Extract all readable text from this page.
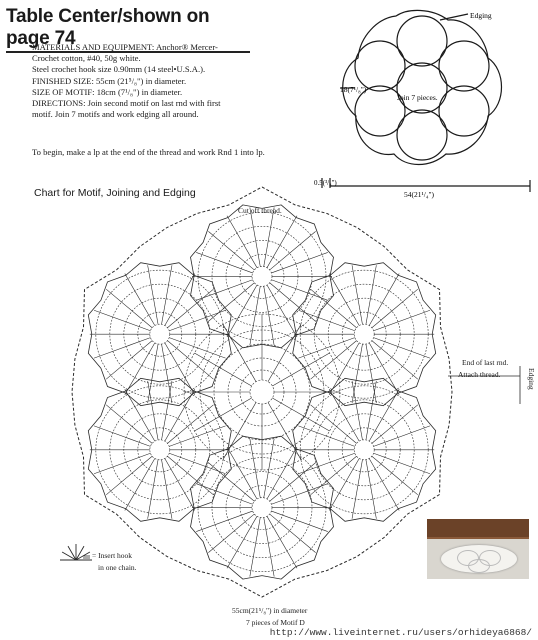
Table Center/shown on page 74
MATERIALS AND EQUIPMENT: Anchor® Mercer-
Crochet cotton, #40, 50g white.
Steel crochet hook size 0.90mm (14 steel•U.S.A.).
FINISHED SIZE: 55cm (21⁵/₈") in diameter.
SIZE OF MOTIF: 18cm (7¹/₈") in diameter.
DIRECTIONS: Join second motif on last rnd with first
motif. Join 7 motifs and work edging all around.
To begin, make a lp at the end of the thread and work Rnd 1 into lp.
Edging
18(7¹/₈")
Join 7 pieces.
0.5(³/₈")
54(21¹/₄")
Chart for Motif, Joining and Edging
Cut off thread.
End of last rnd.
Attach thread.	Edging
= Insert hook
in one chain.
55cm(21⁵/₈") in diameter
7 pieces of Motif D
http://www.liveinternet.ru/users/orhideya6868/
